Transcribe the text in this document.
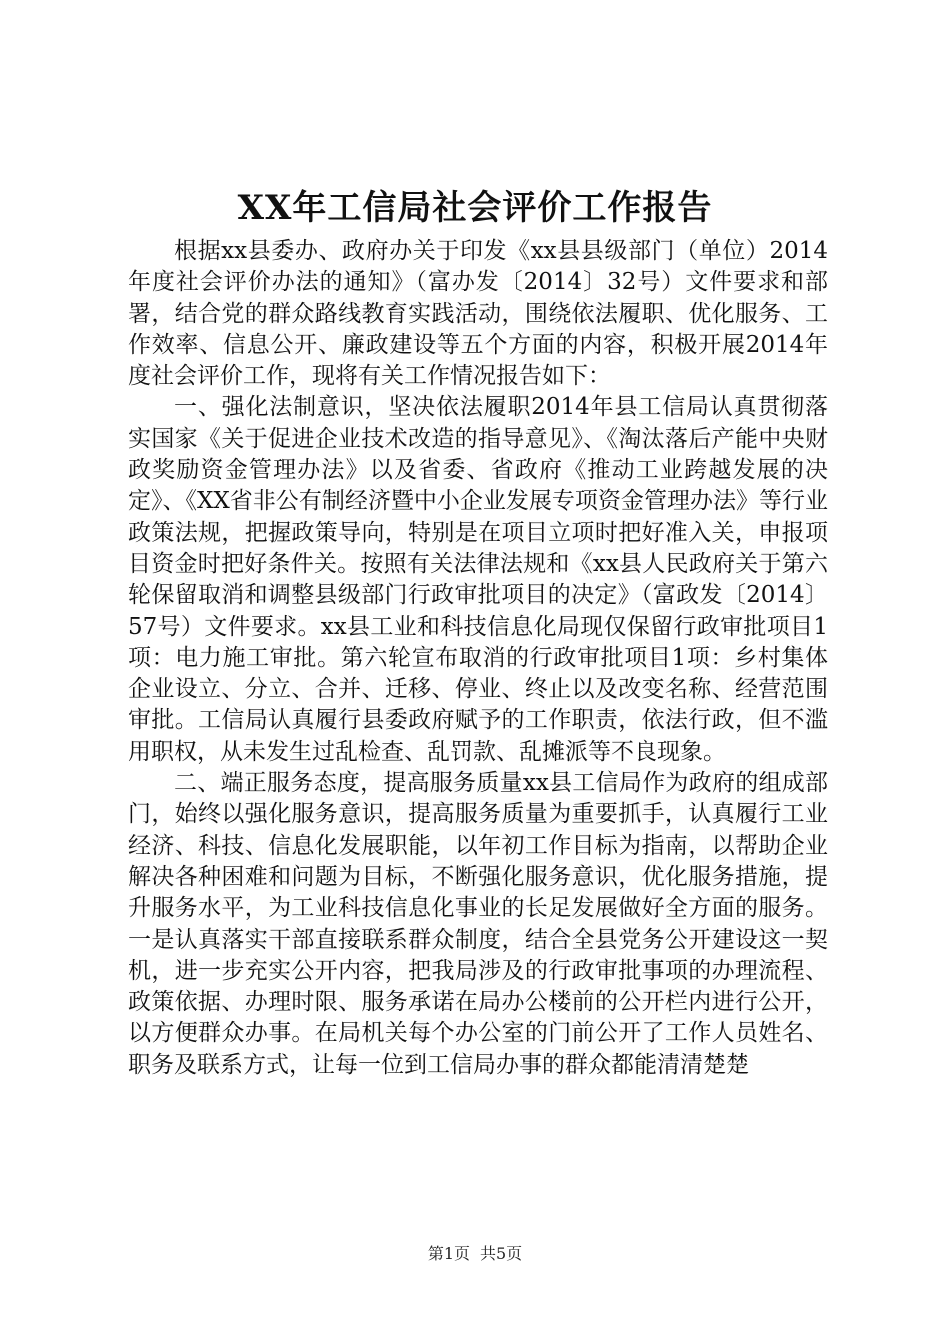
XX年工信局社会评价工作报告

根据xx县委办、政府办关于印发《xx县县级部门（单位）2014年度社会评价办法的通知》（富办发〔2014〕32号）文件要求和部署，结合党的群众路线教育实践活动，围绕依法履职、优化服务、工作效率、信息公开、廉政建设等五个方面的内容，积极开展2014年度社会评价工作，现将有关工作情况报告如下：

一、强化法制意识，坚决依法履职2014年县工信局认真贯彻落实国家《关于促进企业技术改造的指导意见》、《淘汰落后产能中央财政奖励资金管理办法》以及省委、省政府《推动工业跨越发展的决定》、《XX省非公有制经济暨中小企业发展专项资金管理办法》等行业政策法规，把握政策导向，特别是在项目立项时把好准入关，申报项目资金时把好条件关。按照有关法律法规和《xx县人民政府关于第六轮保留取消和调整县级部门行政审批项目的决定》（富政发〔2014〕57号）文件要求。xx县工业和科技信息化局现仅保留行政审批项目1项：电力施工审批。第六轮宣布取消的行政审批项目1项：乡村集体企业设立、分立、合并、迁移、停业、终止以及改变名称、经营范围审批。工信局认真履行县委政府赋予的工作职责，依法行政，但不滥用职权，从未发生过乱检查、乱罚款、乱摊派等不良现象。

二、端正服务态度，提高服务质量xx县工信局作为政府的组成部门，始终以强化服务意识，提高服务质量为重要抓手，认真履行工业经济、科技、信息化发展职能，以年初工作目标为指南，以帮助企业解决各种困难和问题为目标，不断强化服务意识，优化服务措施，提升服务水平，为工业科技信息化事业的长足发展做好全方面的服务。一是认真落实干部直接联系群众制度，结合全县党务公开建设这一契机，进一步充实公开内容，把我局涉及的行政审批事项的办理流程、政策依据、办理时限、服务承诺在局办公楼前的公开栏内进行公开，以方便群众办事。在局机关每个办公室的门前公开了工作人员姓名、职务及联系方式，让每一位到工信局办事的群众都能清清楚楚

第1页 共5页
